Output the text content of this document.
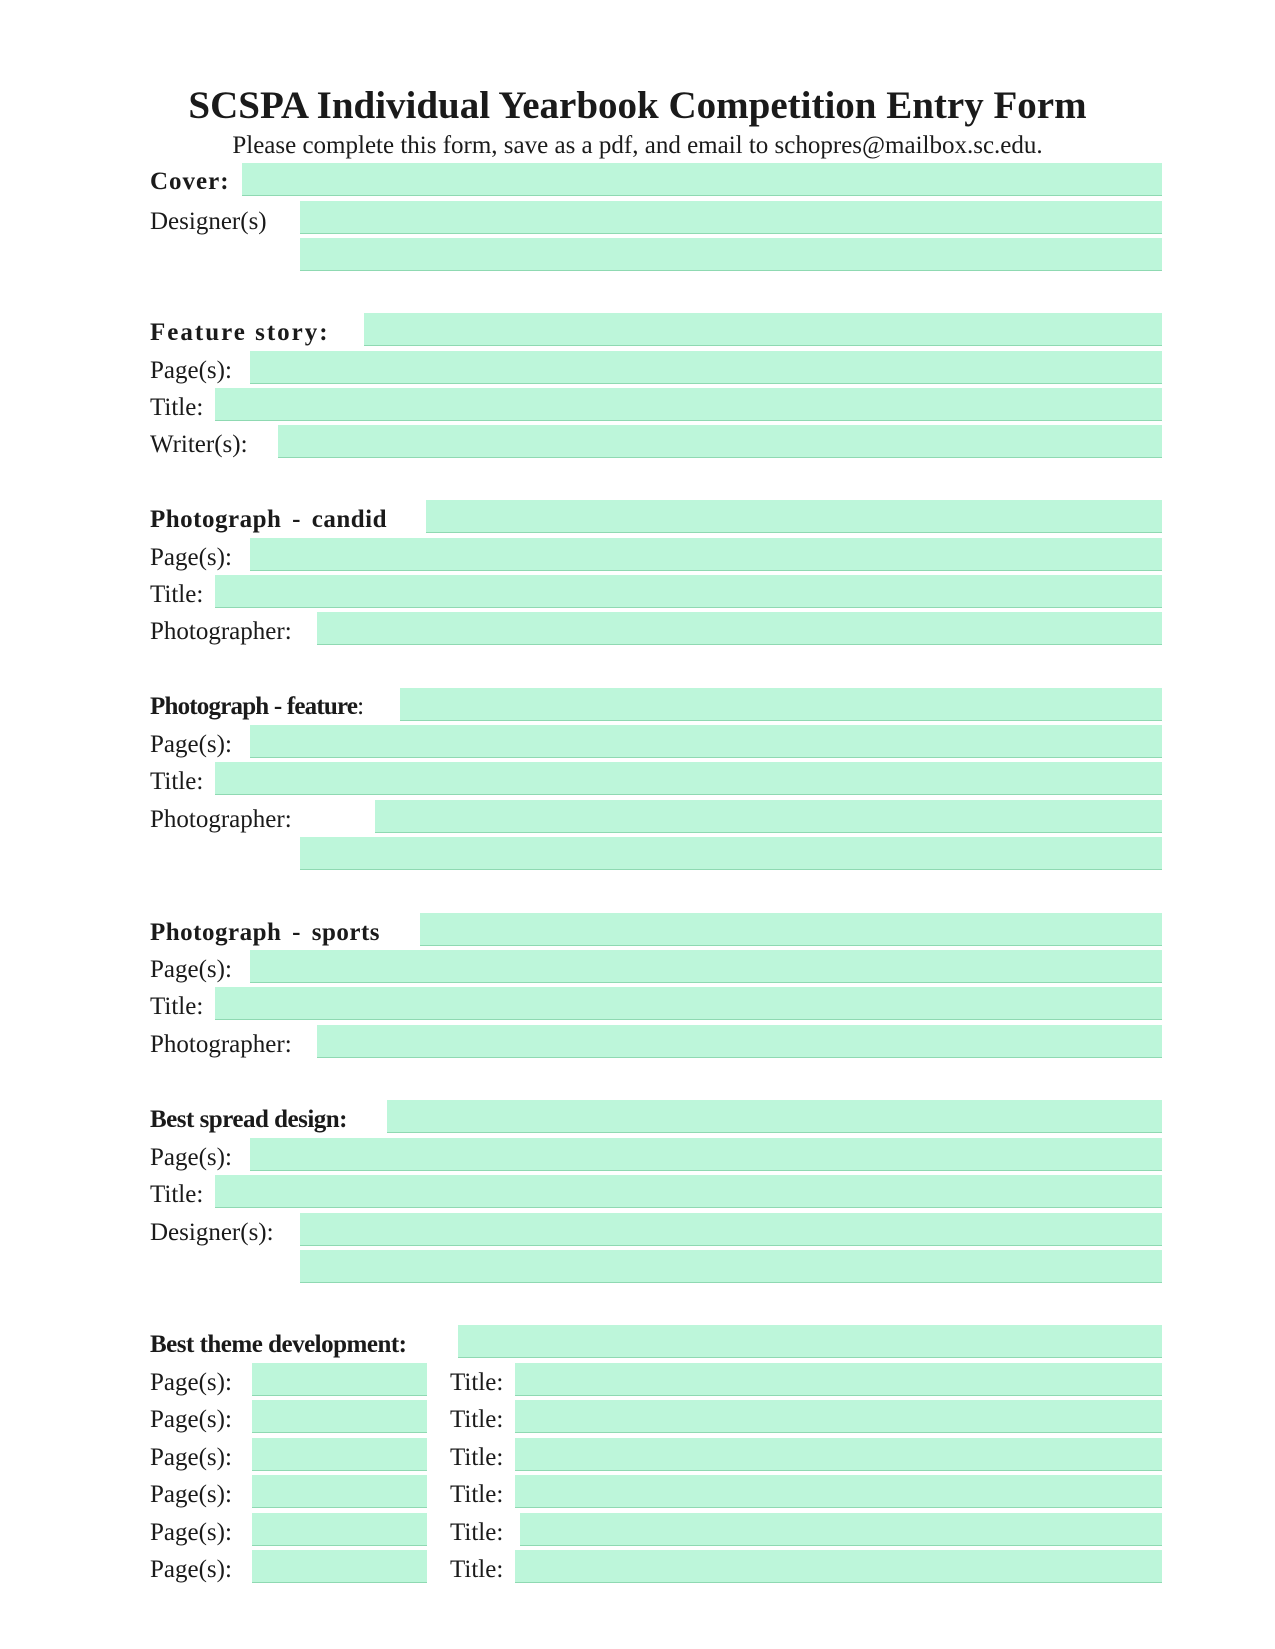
SCSPA Individual Yearbook Competition Entry Form
Please complete this form, save as a pdf, and email to schopres@mailbox.sc.edu.
Cover:
Designer(s)
Feature story:
Page(s):
Title:
Writer(s):
Photograph - candid
Page(s):
Title:
Photographer:
Photograph - feature:
Page(s):
Title:
Photographer:
Photograph - sports
Page(s):
Title:
Photographer:
Best spread design:
Page(s):
Title:
Designer(s):
Best theme development:
Page(s):	Title:
Page(s):	Title:
Page(s):	Title:
Page(s):	Title:
Page(s):	Title:
Page(s):	Title:
